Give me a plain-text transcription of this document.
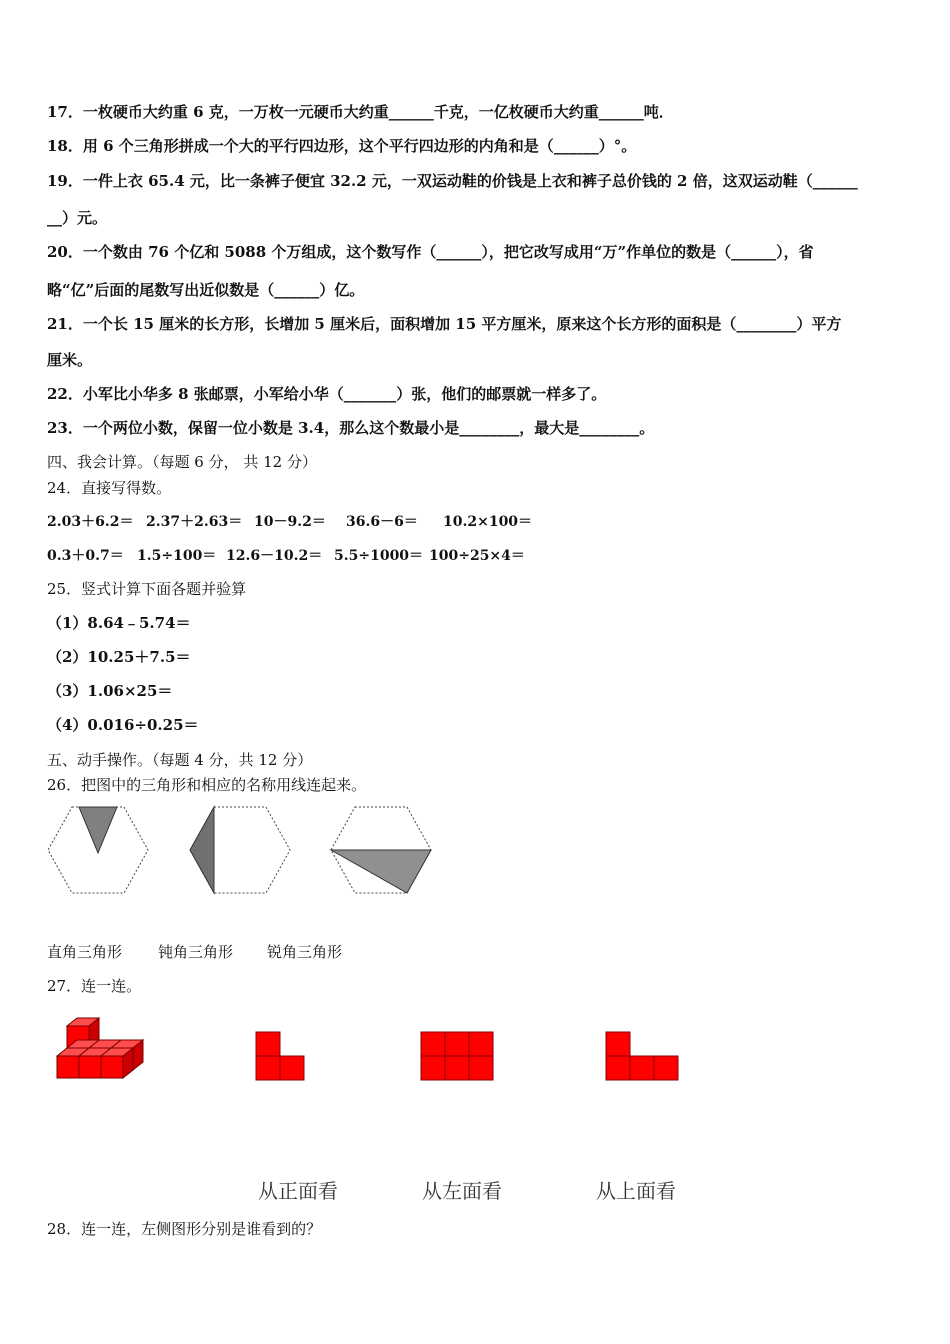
17．一枚硬币大约重 6 克，一万枚一元硬币大约重______千克，一亿枚硬币大约重______吨．
18．用 6 个三角形拼成一个大的平行四边形，这个平行四边形的内角和是（______）°。
19．一件上衣 65.4 元，比一条裤子便宜 32.2 元，一双运动鞋的价钱是上衣和裤子总价钱的 2 倍，这双运动鞋（______
__）元。
20．一个数由 76 个亿和 5088 个万组成，这个数写作（______），把它改写成用“万”作单位的数是（______），省
略“亿”后面的尾数写出近似数是（______）亿。
21．一个长 15 厘米的长方形，长增加 5 厘米后，面积增加 15 平方厘米，原来这个长方形的面积是（________）平方
厘米。
22．小军比小华多 8 张邮票，小军给小华（_______）张，他们的邮票就一样多了。
23．一个两位小数，保留一位小数是 3.4，那么这个数最小是________，最大是________。
四、我会计算。（每题 6 分， 共 12 分）
24．直接写得数。
2.03＋6.2＝ 2.37＋2.63＝ 10－9.2＝ 36.6－6＝ 10.2×100＝
0.3＋0.7＝ 1.5÷100＝ 12.6－10.2＝ 5.5÷1000＝ 100÷25×4＝
25．竖式计算下面各题并验算
（1）8.64﹣5.74＝
（2）10.25＋7.5＝
（3）1.06×25＝
（4）0.016÷0.25＝
五、动手操作。（每题 4 分，共 12 分）
26．把图中的三角形和相应的名称用线连起来。
直角三角形 钝角三角形 锐角三角形
27．连一连。
从正面看	从左面看	从上面看
28．连一连，左侧图形分别是谁看到的？
